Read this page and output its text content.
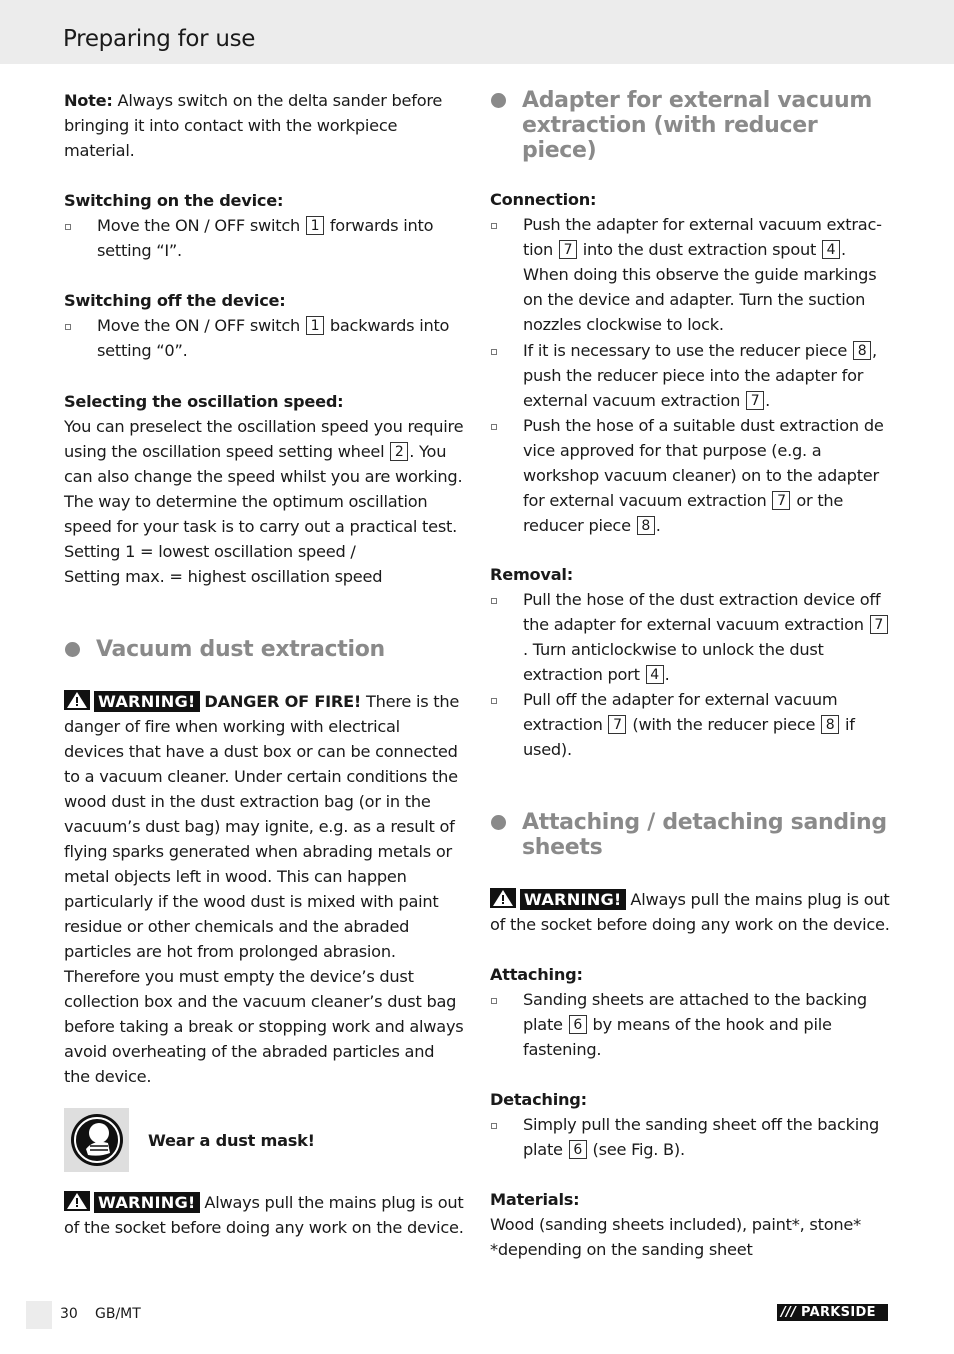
Preparing for use

Note: Always switch on the delta sander before bringing it into contact with the workpiece material.

Switching on the device:

Move the ON / OFF switch 1 forwards into setting “I”.

Switching off the device:

Move the ON / OFF switch 1 backwards into setting “0”.

Selecting the oscillation speed:

You can preselect the oscillation speed you require using the oscillation speed setting wheel 2 . You can also change the speed whilst you are working. The way to determine the optimum oscillation speed for your task is to carry out a practical test.

Setting 1 = lowest oscillation speed /

Setting max. = highest oscillation speed

Vacuum dust extraction

WARNING! DANGER OF FIRE! There is the danger of fire when working with electrical devices that have a dust box or can be connected to a vacuum cleaner. Under certain conditions the wood dust in the dust extraction bag (or in the vacuum’s dust bag) may ignite, e.g. as a result of flying sparks generated when abrading metals or metal objects left in wood. This can happen particularly if the wood dust is mixed with paint residue or other chemicals and the abraded particles are hot from prolonged abrasion. Therefore you must empty the device’s dust collection box and the vacuum cleaner’s dust bag before taking a break or stopping work and always avoid overheating of the abraded particles and the device.

Wear a dust mask!

WARNING! Always pull the mains plug is out of the socket before doing any work on the device.

Adapter for external vacuum extraction (with reducer piece)

Connection:

Push the adapter for external vacuum extraction 7 into the dust extraction spout 4 . When doing this observe the guide markings on the device and adapter. Turn the suction nozzles clockwise to lock.

If it is necessary to use the reducer piece 8 , push the reducer piece into the adapter for external vacuum extraction 7 .

Push the hose of a suitable dust extraction de vice approved for that purpose (e.g. a workshop vacuum cleaner) on to the adapter for external vacuum extraction 7 or the reducer piece 8 .

Removal:

Pull the hose of the dust extraction device off the adapter for external vacuum extraction 7. Turn anticlockwise to unlock the dust extraction port 4 .

Pull off the adapter for external vacuum extraction 7 (with the reducer piece 8 if used).

Attaching / detaching sanding sheets

WARNING! Always pull the mains plug is out of the socket before doing any work on the device.

Attaching:

Sanding sheets are attached to the backing plate 6 by means of the hook and pile fastening.

Detaching:

Simply pull the sanding sheet off the backing plate 6 (see Fig. B).

Materials:

Wood (sanding sheets included), paint*, stone*

*depending on the sanding sheet

30 GB/MT	/// PARKSIDE
